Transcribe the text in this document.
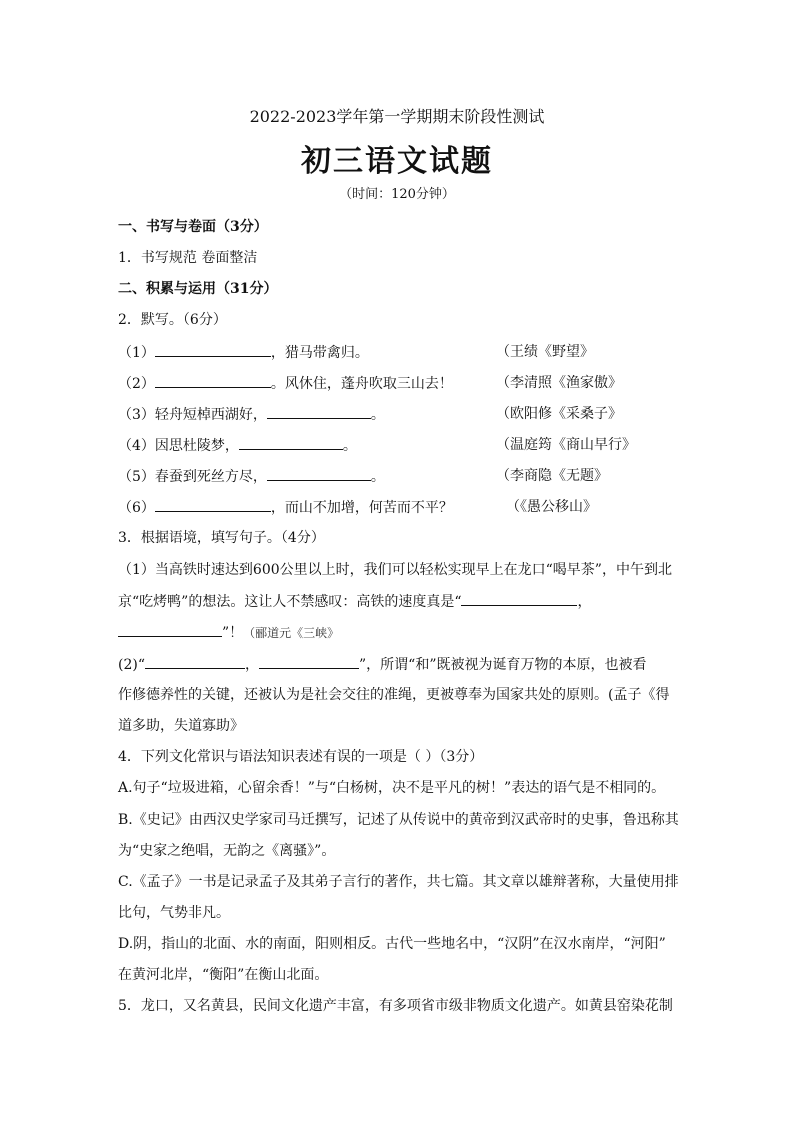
2022-2023学年第一学期期末阶段性测试
初三语文试题
（时间：120分钟）
一、书写与卷面（3分）
1．书写规范 卷面整洁
二、积累与运用（31分）
2．默写。（6分）
（1）	，猎马带禽归。	（王绩《野望》
（2）	。风休住，蓬舟吹取三山去！	（李清照《渔家傲》
（3）轻舟短棹西湖好，	。	（欧阳修《采桑子》
（4）因思杜陵梦，	。	（温庭筠《商山早行》
（5）春蚕到死丝方尽，	。	（李商隐《无题》
（6）	，而山不加增，何苦而不平？	（《愚公移山》
3．根据语境，填写句子。（4分）
（1）当高铁时速达到600公里以上时，我们可以轻松实现早上在龙口“喝早茶”，中午到北
京“吃烤鸭”的想法。这让人不禁感叹：高铁的速度真是“	，
”！（郦道元《三峡》
(2)“	，	”，所谓“和”既被视为诞育万物的本原，也被看
作修德养性的关键，还被认为是社会交往的准绳，更被尊奉为国家共处的原则。(孟子《得
道多助，失道寡助》
4．下列文化常识与语法知识表述有误的一项是（ ）（3分）
A.句子“垃圾进箱，心留余香！”与“白杨树，决不是平凡的树！”表达的语气是不相同的。
B.《史记》由西汉史学家司马迁撰写，记述了从传说中的黄帝到汉武帝时的史事，鲁迅称其
为“史家之绝唱，无韵之《离骚》”。
C.《孟子》一书是记录孟子及其弟子言行的著作，共七篇。其文章以雄辩著称，大量使用排
比句，气势非凡。
D.阴，指山的北面、水的南面，阳则相反。古代一些地名中，“汉阴”在汉水南岸，“河阳”
在黄河北岸，“衡阳”在衡山北面。
5．龙口，又名黄县，民间文化遗产丰富，有多项省市级非物质文化遗产。如黄县窑染花制
